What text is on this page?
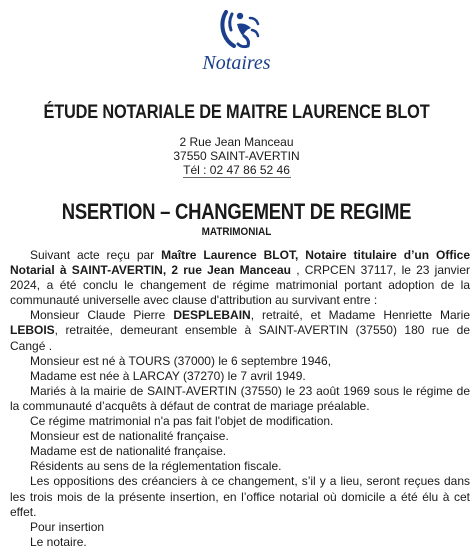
Notaires
ÉTUDE NOTARIALE DE MAITRE LAURENCE BLOT
2 Rue Jean Manceau
37550 SAINT-AVERTIN
Tél : 02 47 86 52 46
NSERTION – CHANGEMENT DE REGIME
MATRIMONIAL

Suivant acte reçu par Maître Laurence BLOT, Notaire titulaire d’un Office Notarial à SAINT-AVERTIN, 2 rue Jean Manceau , CRPCEN 37117, le 23 janvier 2024, a été conclu le changement de régime matrimonial portant adoption de la communauté universelle avec clause d'attribution au survivant entre :

Monsieur Claude Pierre DESPLEBAIN, retraité, et Madame Henriette Marie LEBOIS, retraitée, demeurant ensemble à SAINT-AVERTIN (37550) 180 rue de Cangé .

Monsieur est né à TOURS (37000) le 6 septembre 1946,

Madame est née à LARCAY (37270) le 7 avril 1949.

Mariés à la mairie de SAINT-AVERTIN (37550) le 23 août 1969 sous le régime de la communauté d’acquêts à défaut de contrat de mariage préalable.

Ce régime matrimonial n'a pas fait l'objet de modification.

Monsieur est de nationalité française.

Madame est de nationalité française.

Résidents au sens de la réglementation fiscale.

Les oppositions des créanciers à ce changement, s’il y a lieu, seront reçues dans les trois mois de la présente insertion, en l’office notarial où domicile a été élu à cet effet.

Pour insertion

Le notaire.
